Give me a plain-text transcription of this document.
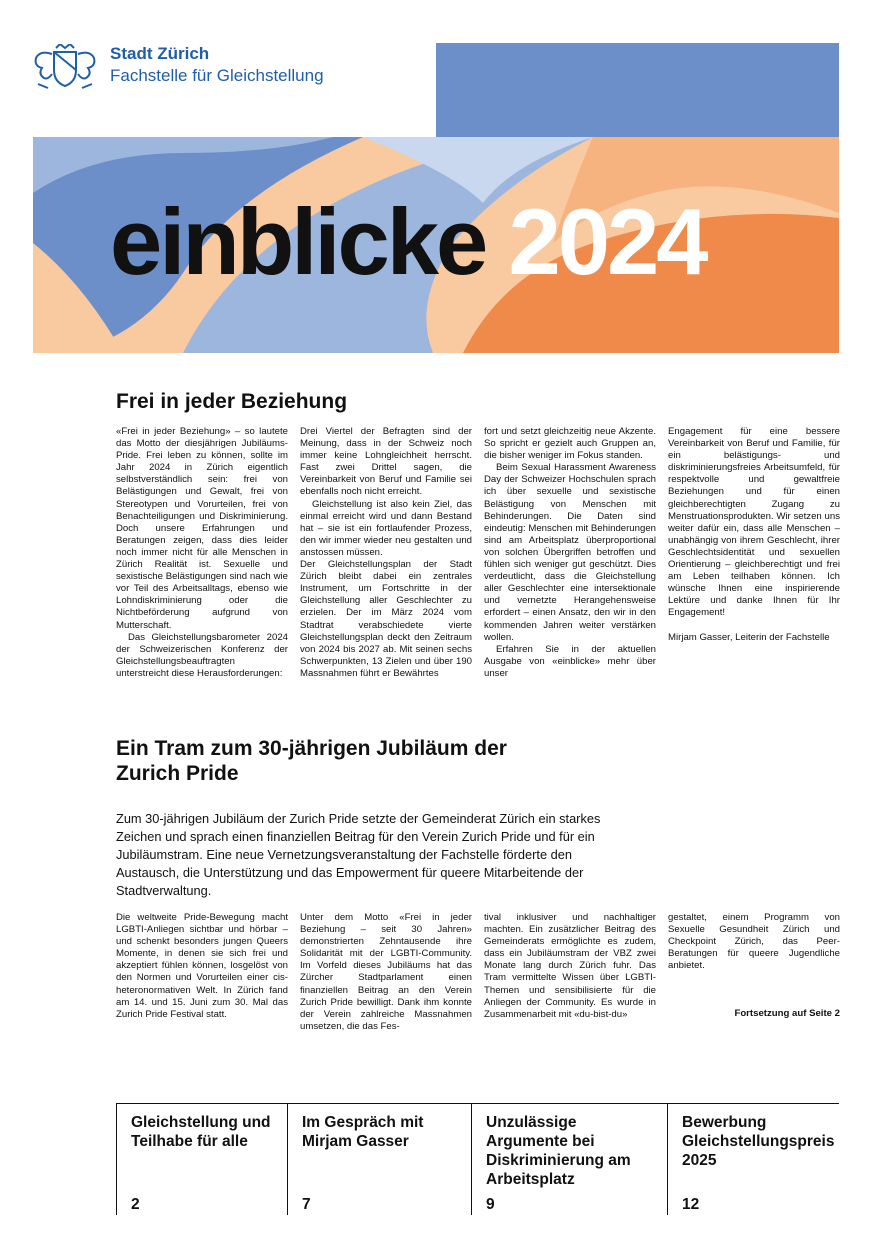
Stadt Zürich
Fachstelle für Gleichstellung
einblicke 2024
Frei in jeder Beziehung

«Frei in jeder Beziehung» – so lautete das Motto der diesjährigen Jubiläums-Pride. Frei leben zu können, sollte im Jahr 2024 in Zürich eigentlich selbstverständlich sein: frei von Belästigungen und Gewalt, frei von Stereotypen und Vorurteilen, frei von Benachteiligungen und Diskriminierung. Doch unsere Erfahrungen und Beratungen zeigen, dass dies leider noch immer nicht für alle Menschen in Zürich Realität ist. Sexuelle und sexistische Belästigungen sind nach wie vor Teil des Arbeitsalltags, ebenso wie Lohndiskriminierung oder die Nichtbeförderung aufgrund von Mutterschaft.

Das Gleichstellungsbarometer 2024 der Schweizerischen Konferenz der Gleichstellungsbeauftragten unterstreicht diese Herausforderungen:

Drei Viertel der Befragten sind der Meinung, dass in der Schweiz noch immer keine Lohngleichheit herrscht. Fast zwei Drittel sagen, die Vereinbarkeit von Beruf und Familie sei ebenfalls noch nicht erreicht.

Gleichstellung ist also kein Ziel, das einmal erreicht wird und dann Bestand hat – sie ist ein fortlaufender Prozess, den wir immer wieder neu gestalten und anstossen müssen.

Der Gleichstellungsplan der Stadt Zürich bleibt dabei ein zentrales Instrument, um Fortschritte in der Gleichstellung aller Geschlechter zu erzielen. Der im März 2024 vom Stadtrat verabschiedete vierte Gleichstellungsplan deckt den Zeitraum von 2024 bis 2027 ab. Mit seinen sechs Schwerpunkten, 13 Zielen und über 190 Massnahmen führt er Bewährtes

fort und setzt gleichzeitig neue Akzente. So spricht er gezielt auch Gruppen an, die bisher weniger im Fokus standen.

Beim Sexual Harassment Awareness Day der Schweizer Hochschulen sprach ich über sexuelle und sexistische Belästigung von Menschen mit Behinderungen. Die Daten sind eindeutig: Menschen mit Behinderungen sind am Arbeitsplatz überproportional von solchen Übergriffen betroffen und fühlen sich weniger gut geschützt. Dies verdeutlicht, dass die Gleichstellung aller Geschlechter eine intersektionale und vernetzte Herangehensweise erfordert – einen Ansatz, den wir in den kommenden Jahren weiter verstärken wollen.

Erfahren Sie in der aktuellen Ausgabe von «einblicke» mehr über unser

Engagement für eine bessere Vereinbarkeit von Beruf und Familie, für ein belästigungs- und diskriminierungsfreies Arbeitsumfeld, für respektvolle und gewaltfreie Beziehungen und für einen gleichberechtigten Zugang zu Menstruationsprodukten. Wir setzen uns weiter dafür ein, dass alle Menschen – unabhängig von ihrem Geschlecht, ihrer Geschlechtsidentität und sexuellen Orientierung – gleichberechtigt und frei am Leben teilhaben können. Ich wünsche Ihnen eine inspirierende Lektüre und danke Ihnen für Ihr Engagement!

Mirjam Gasser, Leiterin der Fachstelle

Ein Tram zum 30-jährigen Jubiläum der
Zurich Pride
Zum 30-jährigen Jubiläum der Zurich Pride setzte der Gemeinderat Zürich ein starkes Zeichen und sprach einen finanziellen Beitrag für den Verein Zurich Pride und für ein Jubiläumstram. Eine neue Vernetzungsveranstaltung der Fachstelle förderte den Austausch, die Unterstützung und das Empowerment für queere Mitarbeitende der Stadtverwaltung.
Die weltweite Pride-Bewegung macht LGBTI-Anliegen sichtbar und hörbar – und schenkt besonders jungen Queers Momente, in denen sie sich frei und akzeptiert fühlen können, losgelöst von den Normen und Vorurteilen einer cis-heteronormativen Welt. In Zürich fand am 14. und 15. Juni zum 30. Mal das Zurich Pride Festival statt.
Unter dem Motto «Frei in jeder Beziehung – seit 30 Jahren» demonstrierten Zehntausende ihre Solidarität mit der LGBTI-Community. Im Vorfeld dieses Jubiläums hat das Zürcher Stadtparlament einen finanziellen Beitrag an den Verein Zurich Pride bewilligt. Dank ihm konnte der Verein zahlreiche Massnahmen umsetzen, die das Fes-
tival inklusiver und nachhaltiger machten. Ein zusätzlicher Beitrag des Gemeinderats ermöglichte es zudem, dass ein Jubiläumstram der VBZ zwei Monate lang durch Zürich fuhr. Das Tram vermittelte Wissen über LGBTI-Themen und sensibilisierte für die Anliegen der Community. Es wurde in Zusammenarbeit mit «du-bist-du»
gestaltet, einem Programm von Sexuelle Gesundheit Zürich und Checkpoint Zürich, das Peer-Beratungen für queere Jugendliche anbietet.
Fortsetzung auf Seite 2
Gleichstellung und Teilhabe für alle
2
Im Gespräch mit Mirjam Gasser
7
Unzulässige Argumente bei Diskriminierung am Arbeitsplatz
9
Bewerbung Gleichstellungspreis 2025
12
